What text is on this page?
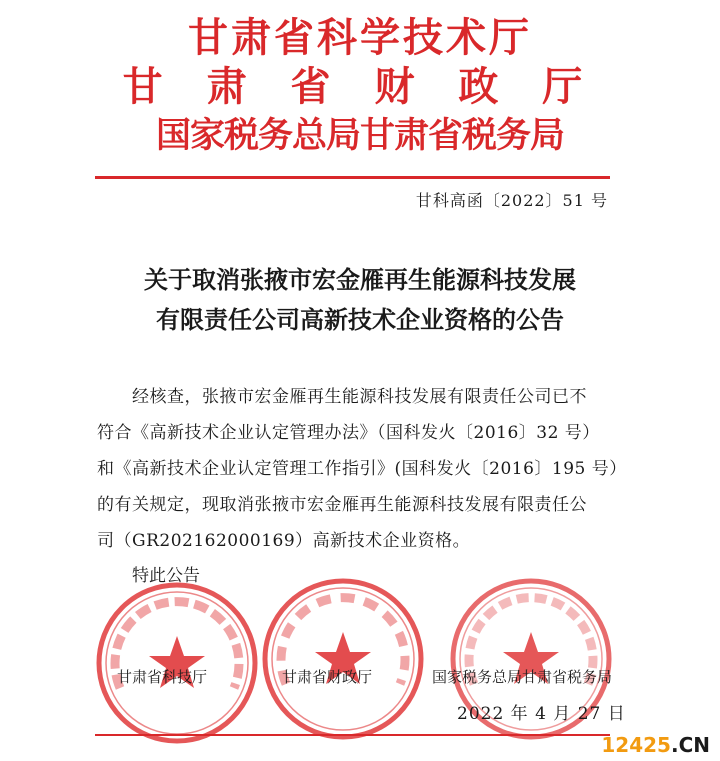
甘肃省科学技术厅
甘 肃 省 财 政 厅
国家税务总局甘肃省税务局
甘科高函〔2022〕51 号
关于取消张掖市宏金雁再生能源科技发展
有限责任公司高新技术企业资格的公告
经核查，张掖市宏金雁再生能源科技发展有限责任公司已不
符合《高新技术企业认定管理办法》（国科发火〔2016〕32 号）
和《高新技术企业认定管理工作指引》(国科发火〔2016〕195 号）
的有关规定，现取消张掖市宏金雁再生能源科技发展有限责任公
司（GR202162000169）高新技术企业资格。
特此公告
甘肃省科技厅	甘肃省财政厅	国家税务总局甘肃省税务局
2022 年 4 月 27 日
12425.CN
